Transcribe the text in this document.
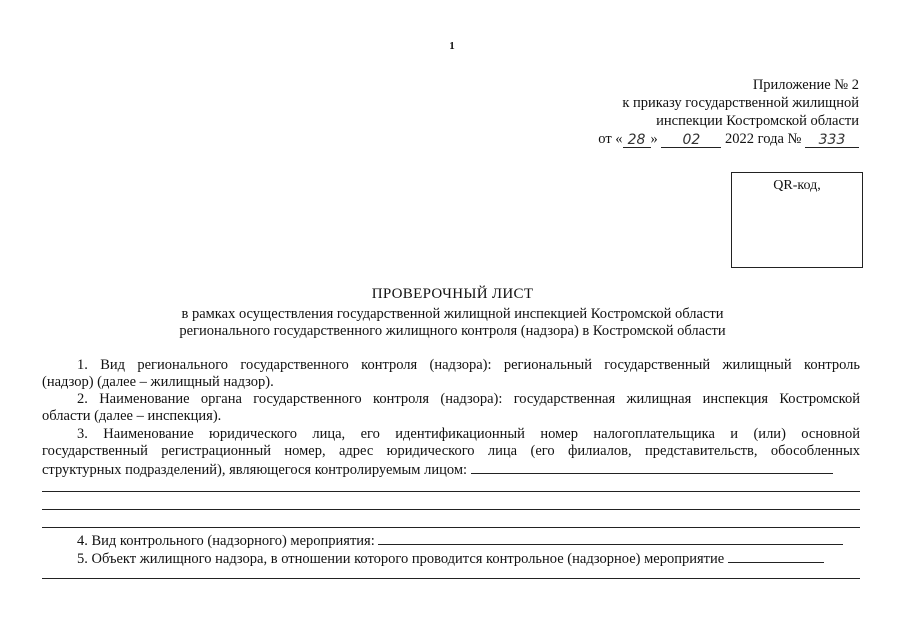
1
Приложение № 2
к приказу государственной жилищной
инспекции Костромской области
от « 28 » 02 2022 года № 333
QR-код,
ПРОВЕРОЧНЫЙ ЛИСТ
в рамках осуществления государственной жилищной инспекцией Костромской области
регионального государственного жилищного контроля (надзора) в Костромской области
1. Вид регионального государственного контроля (надзора): региональный государственный жилищный контроль
(надзор) (далее – жилищный надзор).
2. Наименование органа государственного контроля (надзора): государственная жилищная инспекция Костромской
области (далее – инспекция).
3. Наименование юридического лица, его идентификационный номер налогоплательщика и (или) основной
государственный регистрационный номер, адрес юридического лица (его филиалов, представительств, обособленных
структурных подразделений), являющегося контролируемым лицом:
4. Вид контрольного (надзорного) мероприятия:
5. Объект жилищного надзора, в отношении которого проводится контрольное (надзорное) мероприятие
